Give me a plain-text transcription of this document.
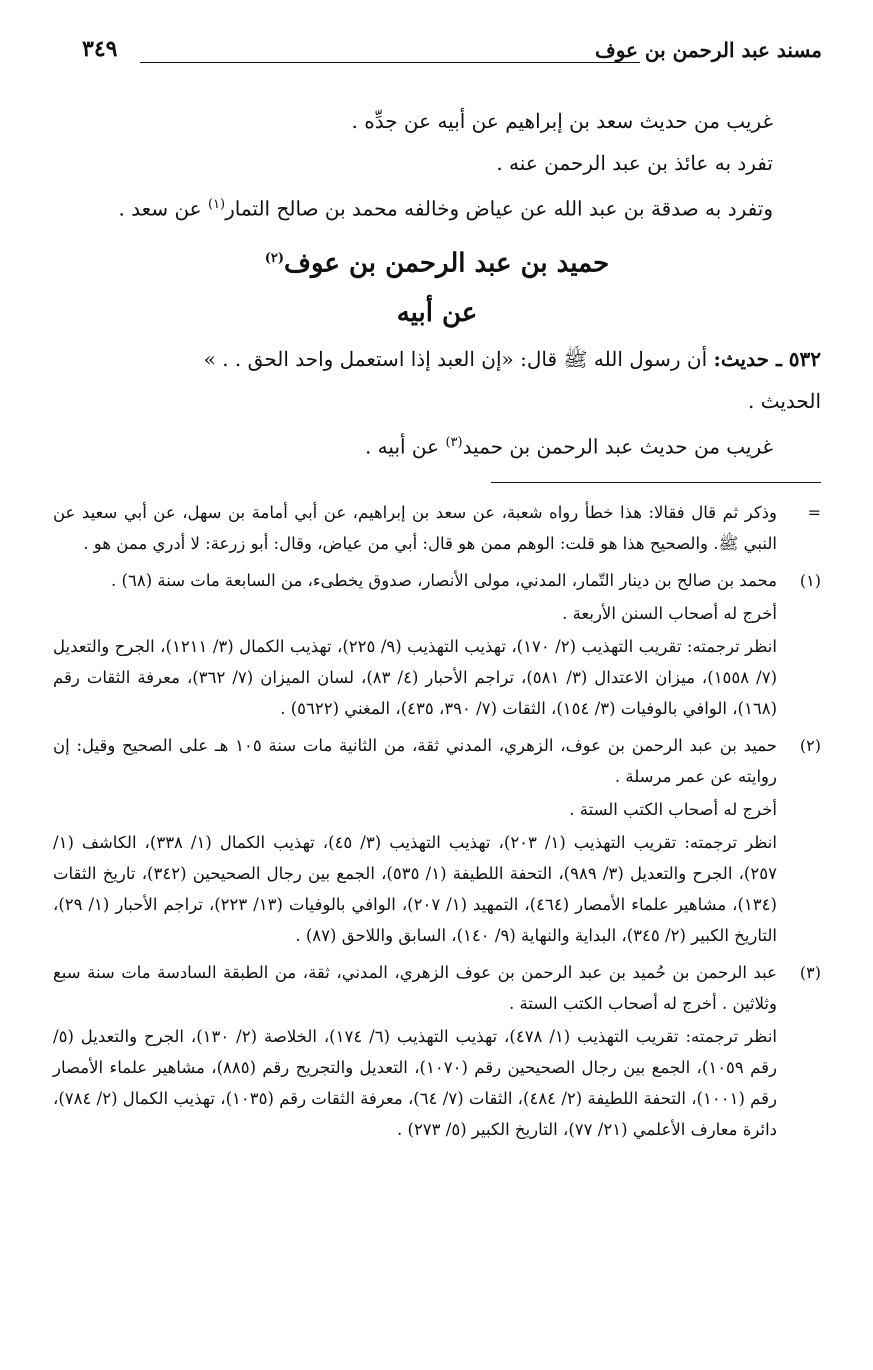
مسند عبد الرحمن بن عوف
٣٤٩
غريب من حديث سعد بن إبراهيم عن أبيه عن جدِّه .
تفرد به عائذ بن عبد الرحمن عنه .
وتفرد به صدقة بن عبد الله عن عياض وخالفه محمد بن صالح التمار$^{(١)}$ عن سعد .
حميد بن عبد الرحمن بن عوف$^{(٢)}$
عن أبيه
٥٣٢ ـ حديث: أن رسول الله ﷺ قال: «إن العبد إذا استعمل واحد الحق . . »
الحديث .
غريب من حديث عبد الرحمن بن حميد$^{(٣)}$ عن أبيه .
=

وذكر ثم قال فقالا: هذا خطأ رواه شعبة، عن سعد بن إبراهيم، عن أبي أمامة بن سهل، عن أبي سعيد عن النبي ﷺ. والصحيح هذا هو قلت: الوهم ممن هو قال: أبي من عياض، وقال: أبو زرعة: لا أدري ممن هو .

(١)

محمد بن صالح بن دينار التّمار، المدني، مولى الأنصار، صدوق يخطىء، من السابعة مات سنة (٦٨) .

أخرج له أصحاب السنن الأربعة .

انظر ترجمته: تقريب التهذيب (٢/ ١٧٠)، تهذيب التهذيب (٩/ ٢٢٥)، تهذيب الكمال (٣/ ١٢١١)، الجرح والتعديل (٧/ ١٥٥٨)، ميزان الاعتدال (٣/ ٥٨١)، تراجم الأحبار (٤/ ٨٣)، لسان الميزان (٧/ ٣٦٢)، معرفة الثقات رقم (١٦٨)، الوافي بالوفيات (٣/ ١٥٤)، الثقات (٧/ ٣٩٠، ٤٣٥)، المغني (٥٦٢٢) .

(٢)

حميد بن عبد الرحمن بن عوف، الزهري، المدني ثقة، من الثانية مات سنة ١٠٥ هـ على الصحيح وقيل: إن روايته عن عمر مرسلة .

أخرج له أصحاب الكتب الستة .

انظر ترجمته: تقريب التهذيب (١/ ٢٠٣)، تهذيب التهذيب (٣/ ٤٥)، تهذيب الكمال (١/ ٣٣٨)، الكاشف (١/ ٢٥٧)، الجرح والتعديل (٣/ ٩٨٩)، التحفة اللطيفة (١/ ٥٣٥)، الجمع بين رجال الصحيحين (٣٤٢)، تاريخ الثقات (١٣٤)، مشاهير علماء الأمصار (٤٦٤)، التمهيد (١/ ٢٠٧)، الوافي بالوفيات (١٣/ ٢٢٣)، تراجم الأحبار (١/ ٢٩)، التاريخ الكبير (٢/ ٣٤٥)، البداية والنهاية (٩/ ١٤٠)، السابق واللاحق (٨٧) .

(٣)

عبد الرحمن بن حُميد بن عبد الرحمن بن عوف الزهري، المدني، ثقة، من الطبقة السادسة مات سنة سبع وثلاثين . أخرج له أصحاب الكتب الستة .

انظر ترجمته: تقريب التهذيب (١/ ٤٧٨)، تهذيب التهذيب (٦/ ١٧٤)، الخلاصة (٢/ ١٣٠)، الجرح والتعديل (٥/رقم ١٠٥٩)، الجمع بين رجال الصحيحين رقم (١٠٧٠)، التعديل والتجريح رقم (٨٨٥)، مشاهير علماء الأمصار رقم (١٠٠١)، التحفة اللطيفة (٢/ ٤٨٤)، الثقات (٧/ ٦٤)، معرفة الثقات رقم (١٠٣٥)، تهذيب الكمال (٢/ ٧٨٤)، دائرة معارف الأعلمي (٢١/ ٧٧)، التاريخ الكبير (٥/ ٢٧٣) .
